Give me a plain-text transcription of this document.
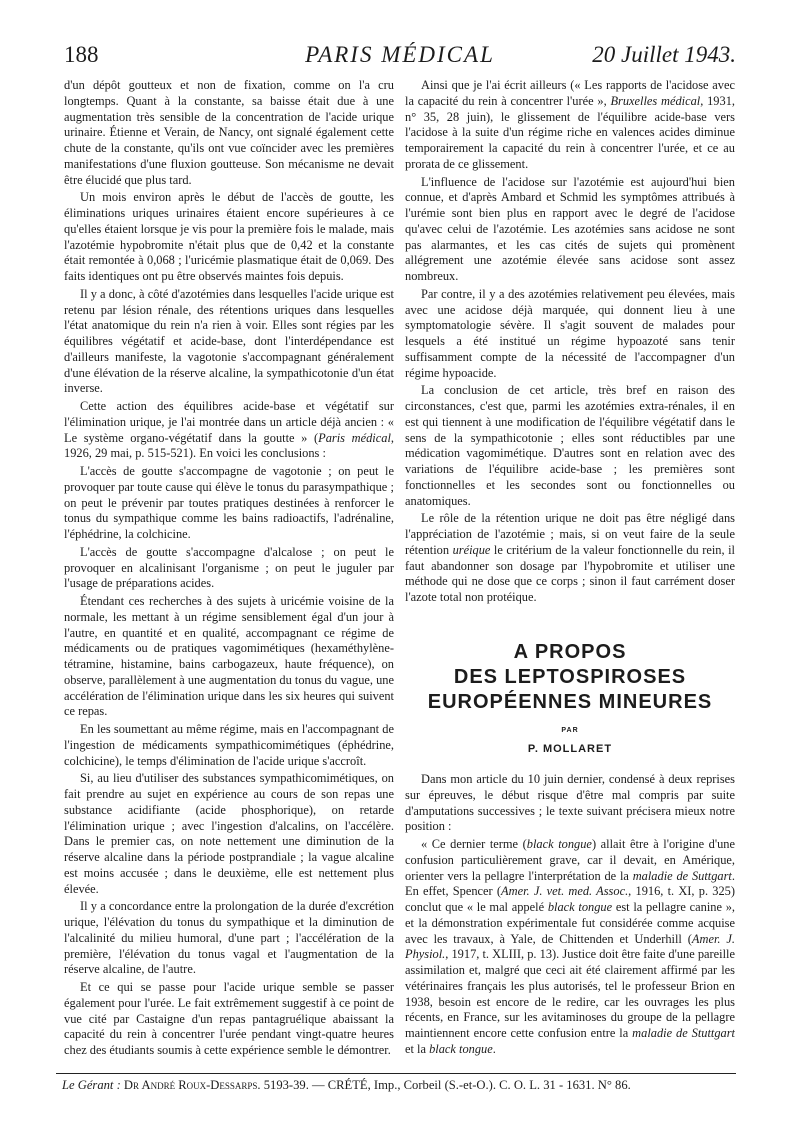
188	PARIS MÉDICAL	20 Juillet 1943.

d'un dépôt goutteux et non de fixation, comme on l'a cru longtemps. Quant à la constante, sa baisse était due à une augmentation très sensible de la concentration de l'acide urique urinaire. Étienne et Verain, de Nancy, ont signalé également cette chute de la constante, qu'ils ont vue coïncider avec les premières manifestations d'une fluxion goutteuse. Son mécanisme ne devait être élucidé que plus tard.

Un mois environ après le début de l'accès de goutte, les éliminations uriques urinaires étaient encore supérieures à ce qu'elles étaient lorsque je vis pour la première fois le malade, mais l'azotémie hypobromite n'était plus que de 0,42 et la constante était remontée à 0,068 ; l'uricémie plasmatique était de 0,069. Des faits identiques ont pu être observés maintes fois depuis.

Il y a donc, à côté d'azotémies dans lesquelles l'acide urique est retenu par lésion rénale, des rétentions uriques dans lesquelles l'état anatomique du rein n'a rien à voir. Elles sont régies par les équilibres végétatif et acide-base, dont l'interdépendance est d'ailleurs manifeste, la vagotonie s'accompagnant généralement d'une élévation de la réserve alcaline, la sympathicotonie d'un état inverse.

Cette action des équilibres acide-base et végétatif sur l'élimination urique, je l'ai montrée dans un article déjà ancien : « Le système organo-végétatif dans la goutte » (Paris médical, 1926, 29 mai, p. 515-521). En voici les conclusions :

L'accès de goutte s'accompagne de vagotonie ; on peut le provoquer par toute cause qui élève le tonus du parasympathique ; on peut le prévenir par toutes pratiques destinées à renforcer le tonus du sympathique comme les bains radioactifs, l'adrénaline, l'éphédrine, la colchicine.

L'accès de goutte s'accompagne d'alcalose ; on peut le provoquer en alcalinisant l'organisme ; on peut le juguler par l'usage de préparations acides.

Étendant ces recherches à des sujets à uricémie voisine de la normale, les mettant à un régime sensiblement égal d'un jour à l'autre, en quantité et en qualité, accompagnant ce régime de médicaments ou de pratiques vagomimétiques (hexaméthylène-tétramine, histamine, bains carbogazeux, haute fréquence), on observe, parallèlement à une augmentation du tonus du vague, une accélération de l'élimination urique dans les six heures qui suivent ce repas.

En les soumettant au même régime, mais en l'accompagnant de l'ingestion de médicaments sympathicomimétiques (éphédrine, colchicine), le temps d'élimination de l'acide urique s'accroît.

Si, au lieu d'utiliser des substances sympathicomimétiques, on fait prendre au sujet en expérience au cours de son repas une substance acidifiante (acide phosphorique), on retarde l'élimination urique ; avec l'ingestion d'alcalins, on l'accélère. Dans le premier cas, on note nettement une diminution de la réserve alcaline dans la période postprandiale ; la vague alcaline est moins accusée ; dans le deuxième, elle est nettement plus élevée.

Il y a concordance entre la prolongation de la durée d'excrétion urique, l'élévation du tonus du sympathique et la diminution de l'alcalinité du milieu humoral, d'une part ; l'accélération de la première, l'élévation du tonus vagal et l'augmentation de la réserve alcaline, de l'autre.

Et ce qui se passe pour l'acide urique semble se passer également pour l'urée. Le fait extrêmement suggestif à ce point de vue cité par Castaigne d'un repas pantagruélique abaissant la capacité du rein à concentrer l'urée pendant vingt-quatre heures chez des étudiants soumis à cette expérience semble le démontrer.

Ainsi que je l'ai écrit ailleurs (« Les rapports de l'acidose avec la capacité du rein à concentrer l'urée », Bruxelles médical, 1931, n° 35, 28 juin), le glissement de l'équilibre acide-base vers l'acidose à la suite d'un régime riche en valences acides diminue temporairement la capacité du rein à concentrer l'urée, et ce au prorata de ce glissement.

L'influence de l'acidose sur l'azotémie est aujourd'hui bien connue, et d'après Ambard et Schmid les symptômes attribués à l'urémie sont bien plus en rapport avec le degré de l'acidose qu'avec celui de l'azotémie. Les azotémies sans acidose ne sont pas alarmantes, et les cas cités de sujets qui promènent allégrement une azotémie élevée sans acidose sont assez nombreux.

Par contre, il y a des azotémies relativement peu élevées, mais avec une acidose déjà marquée, qui donnent lieu à une symptomatologie sévère. Il s'agit souvent de malades pour lesquels a été institué un régime hypoazoté sans tenir suffisamment compte de la nécessité de l'accompagner d'un régime hypoacide.

La conclusion de cet article, très bref en raison des circonstances, c'est que, parmi les azotémies extra-rénales, il en est qui tiennent à une modification de l'équilibre végétatif dans le sens de la sympathicotonie ; elles sont réductibles par une médication vagomimétique. D'autres sont en relation avec des variations de l'équilibre acide-base ; les premières sont fonctionnelles et les secondes sont ou fonctionnelles ou anatomiques.

Le rôle de la rétention urique ne doit pas être négligé dans l'appréciation de l'azotémie ; mais, si on veut faire de la seule rétention uréique le critérium de la valeur fonctionnelle du rein, il faut abandonner son dosage par l'hypobromite et utiliser une méthode qui ne dose que ce corps ; sinon il faut carrément doser l'azote total non protéique.

A PROPOS
DES LEPTOSPIROSES
EUROPÉENNES MINEURES
PAR
P. MOLLARET

Dans mon article du 10 juin dernier, condensé à deux reprises sur épreuves, le début risque d'être mal compris par suite d'amputations successives ; le texte suivant précisera mieux notre position :

« Ce dernier terme (black tongue) allait être à l'origine d'une confusion particulièrement grave, car il devait, en Amérique, orienter vers la pellagre l'interprétation de la maladie de Suttgart. En effet, Spencer (Amer. J. vet. med. Assoc., 1916, t. XI, p. 325) conclut que « le mal appelé black tongue est la pellagre canine », et la démonstration expérimentale fut considérée comme acquise avec les travaux, à Yale, de Chittenden et Underhill (Amer. J. Physiol., 1917, t. XLIII, p. 13). Justice doit être faite d'une pareille assimilation et, malgré que ceci ait été clairement affirmé par les vétérinaires français les plus autorisés, tel le professeur Brion en 1938, besoin est encore de le redire, car les ouvrages les plus récents, en France, sur les avitaminoses du groupe de la pellagre maintiennent encore cette confusion entre la maladie de Stuttgart et la black tongue.

Le Gérant : Dr André Roux-Dessarps. 5193-39. — CRÉTÉ, Imp., Corbeil (S.-et-O.). C. O. L. 31 - 1631. N° 86.
